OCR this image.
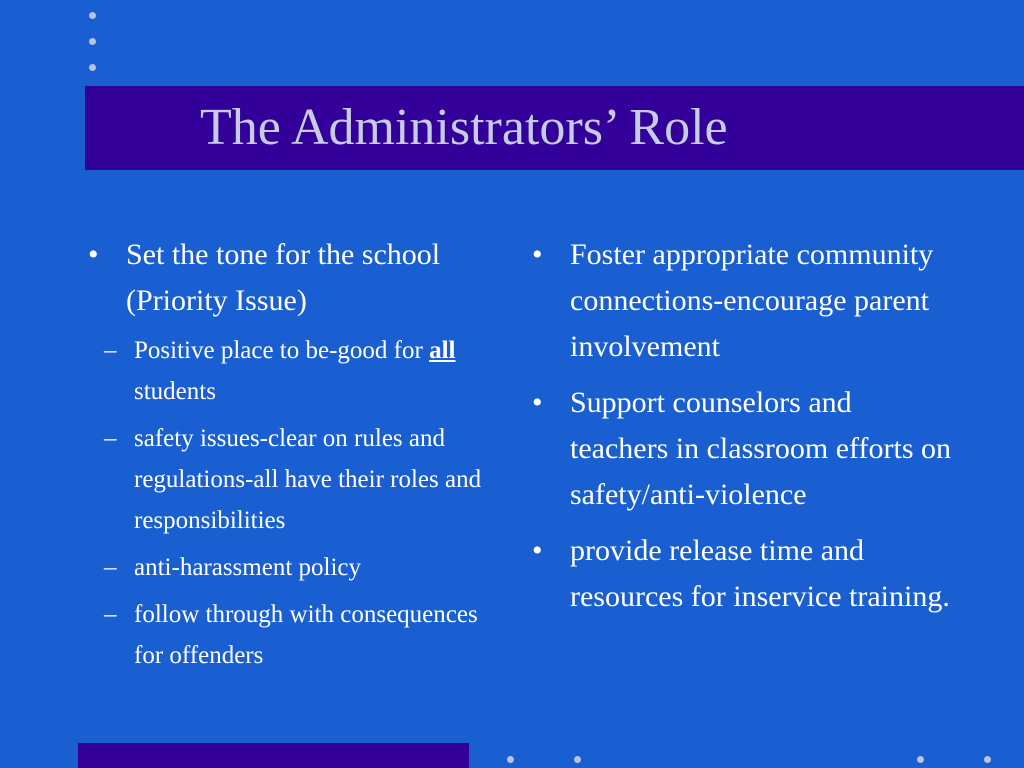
The Administrators’ Role
• Set the tone for the school (Priority Issue)
– Positive place to be-good for all students
– safety issues-clear on rules and regulations-all have their roles and responsibilities
– anti-harassment policy
– follow through with consequences for offenders
• Foster appropriate community connections-encourage parent involvement
• Support counselors and teachers in classroom efforts on safety/anti-violence
• provide release time and resources for inservice training.
